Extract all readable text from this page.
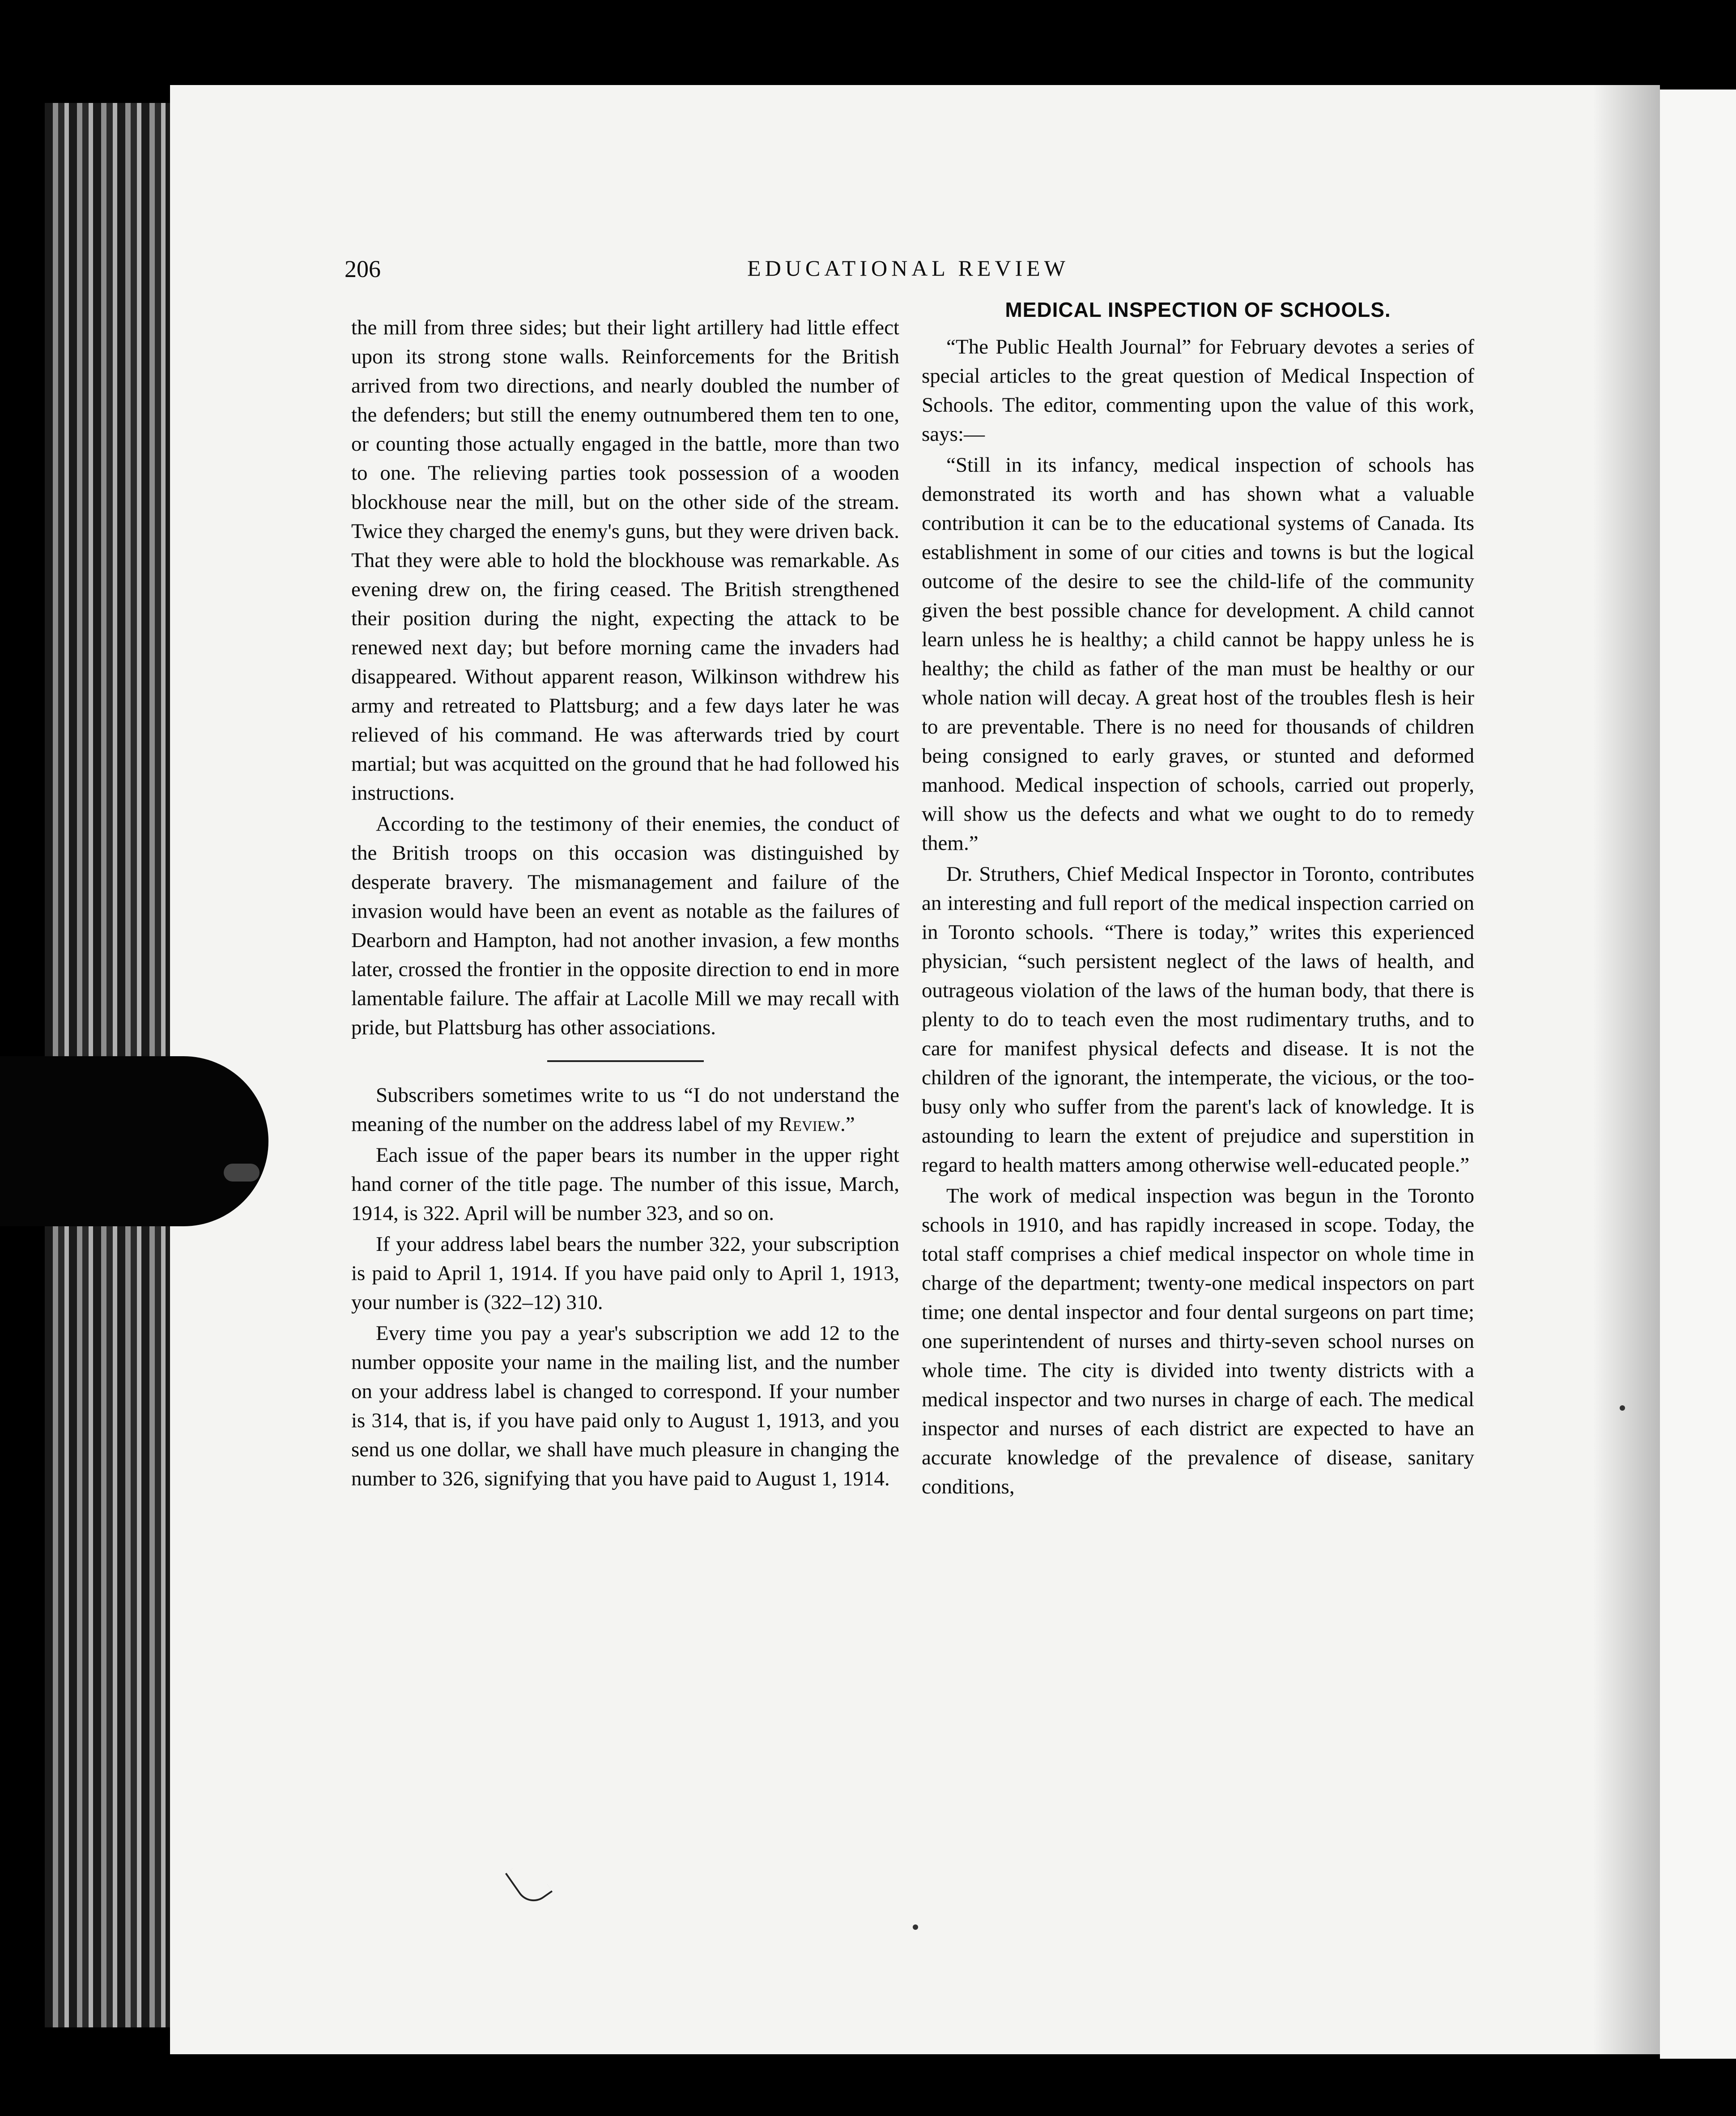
206	EDUCATIONAL REVIEW

the mill from three sides; but their light artillery had little effect upon its strong stone walls. Reinforcements for the British arrived from two directions, and nearly doubled the number of the defenders; but still the enemy outnumbered them ten to one, or counting those actually engaged in the battle, more than two to one. The relieving parties took possession of a wooden blockhouse near the mill, but on the other side of the stream. Twice they charged the enemy's guns, but they were driven back. That they were able to hold the blockhouse was remarkable. As evening drew on, the firing ceased. The British strengthened their position during the night, expecting the attack to be renewed next day; but before morning came the invaders had disappeared. Without apparent reason, Wilkinson withdrew his army and retreated to Plattsburg; and a few days later he was relieved of his command. He was afterwards tried by court martial; but was acquitted on the ground that he had followed his instructions.

According to the testimony of their enemies, the conduct of the British troops on this occasion was distinguished by desperate bravery. The mismanagement and failure of the invasion would have been an event as notable as the failures of Dearborn and Hampton, had not another invasion, a few months later, crossed the frontier in the opposite direction to end in more lamentable failure. The affair at Lacolle Mill we may recall with pride, but Plattsburg has other associations.

Subscribers sometimes write to us “I do not understand the meaning of the number on the address label of my Review.”

Each issue of the paper bears its number in the upper right hand corner of the title page. The number of this issue, March, 1914, is 322. April will be number 323, and so on.

If your address label bears the number 322, your subscription is paid to April 1, 1914. If you have paid only to April 1, 1913, your number is (322–12) 310.

Every time you pay a year's subscription we add 12 to the number opposite your name in the mailing list, and the number on your address label is changed to correspond. If your number is 314, that is, if you have paid only to August 1, 1913, and you send us one dollar, we shall have much pleasure in changing the number to 326, signifying that you have paid to August 1, 1914.

MEDICAL INSPECTION OF SCHOOLS.

“The Public Health Journal” for February devotes a series of special articles to the great question of Medical Inspection of Schools. The editor, commenting upon the value of this work, says:—

“Still in its infancy, medical inspection of schools has demonstrated its worth and has shown what a valuable contribution it can be to the educational systems of Canada. Its establishment in some of our cities and towns is but the logical outcome of the desire to see the child-life of the community given the best possible chance for development. A child cannot learn unless he is healthy; a child cannot be happy unless he is healthy; the child as father of the man must be healthy or our whole nation will decay. A great host of the troubles flesh is heir to are preventable. There is no need for thousands of children being consigned to early graves, or stunted and deformed manhood. Medical inspection of schools, carried out properly, will show us the defects and what we ought to do to remedy them.”

Dr. Struthers, Chief Medical Inspector in Toronto, contributes an interesting and full report of the medical inspection carried on in Toronto schools. “There is today,” writes this experienced physician, “such persistent neglect of the laws of health, and outrageous violation of the laws of the human body, that there is plenty to do to teach even the most rudimentary truths, and to care for manifest physical defects and disease. It is not the children of the ignorant, the intemperate, the vicious, or the too-busy only who suffer from the parent's lack of knowledge. It is astounding to learn the extent of prejudice and superstition in regard to health matters among otherwise well-educated people.”

The work of medical inspection was begun in the Toronto schools in 1910, and has rapidly increased in scope. Today, the total staff comprises a chief medical inspector on whole time in charge of the department; twenty-one medical inspectors on part time; one dental inspector and four dental surgeons on part time; one superintendent of nurses and thirty-seven school nurses on whole time. The city is divided into twenty districts with a medical inspector and two nurses in charge of each. The medical inspector and nurses of each district are expected to have an accurate knowledge of the prevalence of disease, sanitary conditions,
